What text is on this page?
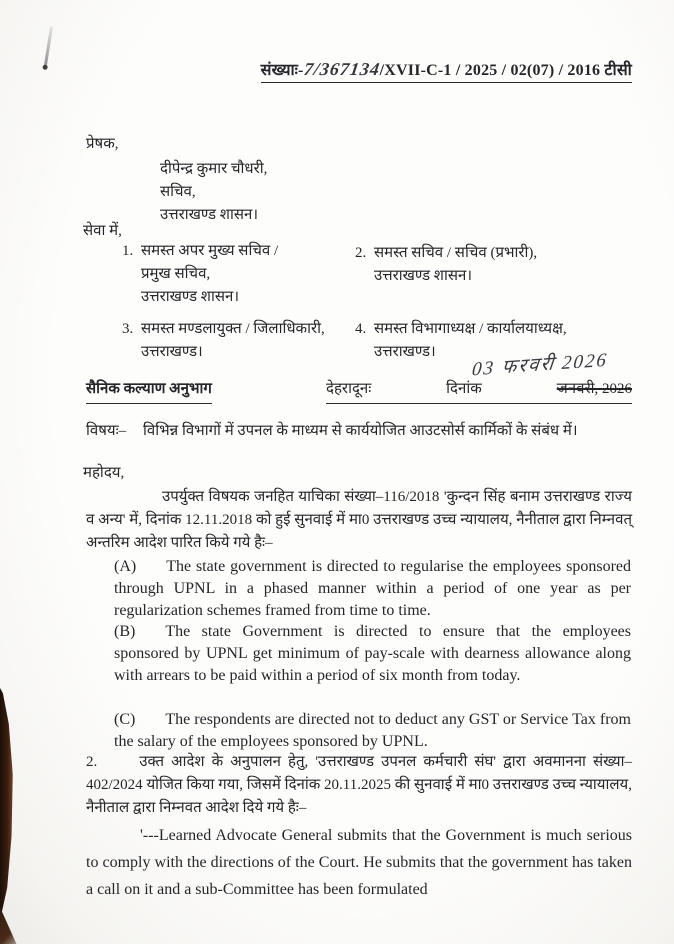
संख्याः-7/367134/XVII-C-1 / 2025 / 02(07) / 2016 टीसी
प्रेषक,
दीपेन्द्र कुमार चौधरी,
सचिव,
उत्तराखण्ड शासन।
सेवा में,
1. समस्त अपर मुख्य सचिव /
प्रमुख सचिव,
उत्तराखण्ड शासन।
2. समस्त सचिव / सचिव (प्रभारी),
उत्तराखण्ड शासन।
3. समस्त मण्डलायुक्त / जिलाधिकारी,
उत्तराखण्ड।
4. समस्त विभागाध्यक्ष / कार्यालयाध्यक्ष,
उत्तराखण्ड।	03 फरवरी 2026
सैनिक कल्याण अनुभाग	देहरादूनः	दिनांक	जनवरी, 2026
विषयः–	विभिन्न विभागों में उपनल के माध्यम से कार्ययोजित आउटसोर्स कार्मिकों के संबंध में।
महोदय,
उपर्युक्त विषयक जनहित याचिका संख्या–116/2018 'कुन्दन सिंह बनाम उत्तराखण्ड राज्य व अन्य' में, दिनांक 12.11.2018 को हुई सुनवाई में मा0 उत्तराखण्ड उच्च न्यायालय, नैनीताल द्वारा निम्नवत् अन्तरिम आदेश पारित किये गये हैः–
(A) The state government is directed to regularise the employees sponsored through UPNL in a phased manner within a period of one year as per regularization schemes framed from time to time.
(B) The state Government is directed to ensure that the employees sponsored by UPNL get minimum of pay-scale with dearness allowance along with arrears to be paid within a period of six month from today.
(C) The respondents are directed not to deduct any GST or Service Tax from the salary of the employees sponsored by UPNL.
2.	उक्त आदेश के अनुपालन हेतु, 'उत्तराखण्ड उपनल कर्मचारी संघ' द्वारा अवमानना संख्या–402/2024 योजित किया गया, जिसमें दिनांक 20.11.2025 की सुनवाई में मा0 उत्तराखण्ड उच्च न्यायालय, नैनीताल द्वारा निम्नवत आदेश दिये गये हैः–
'---Learned Advocate General submits that the Government is much serious to comply with the directions of the Court. He submits that the government has taken a call on it and a sub-Committee has been formulated
